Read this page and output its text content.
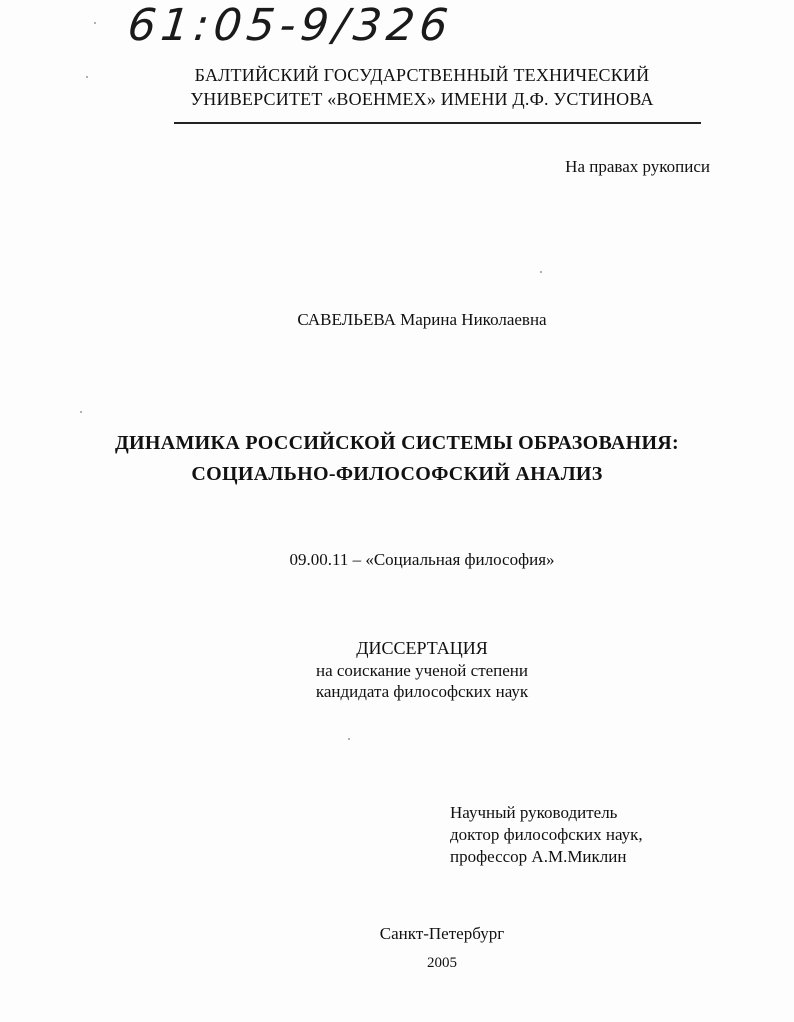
61:05-9/326
БАЛТИЙСКИЙ ГОСУДАРСТВЕННЫЙ ТЕХНИЧЕСКИЙ
УНИВЕРСИТЕТ «ВОЕНМЕХ» ИМЕНИ Д.Ф. УСТИНОВА
На правах рукописи
САВЕЛЬЕВА Марина Николаевна
ДИНАМИКА РОССИЙСКОЙ СИСТЕМЫ ОБРАЗОВАНИЯ:
СОЦИАЛЬНО-ФИЛОСОФСКИЙ АНАЛИЗ
09.00.11 – «Социальная философия»
ДИССЕРТАЦИЯ
на соискание ученой степени
кандидата философских наук
Научный руководитель
доктор философских наук,
профессор А.М.Миклин
Санкт-Петербург
2005
